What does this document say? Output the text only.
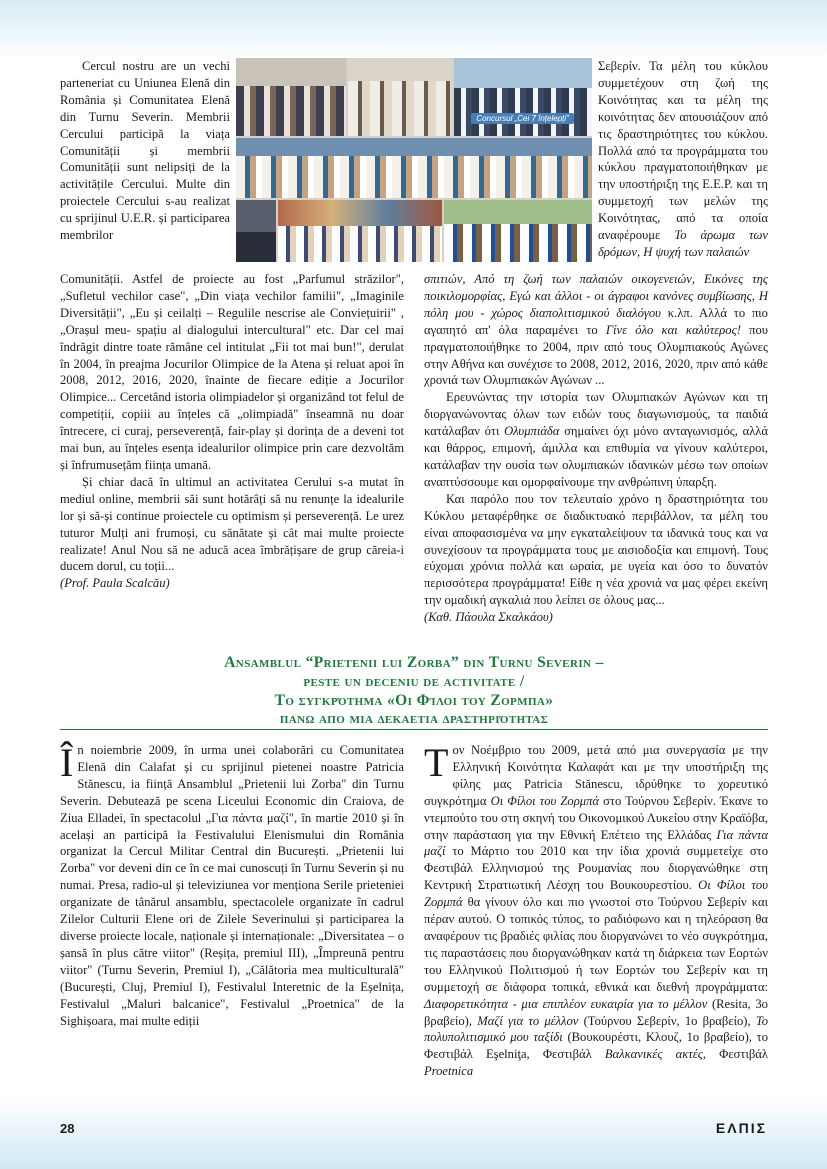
Cercul nostru are un vechi parteneriat cu Uniunea Elenă din România și Comunitatea Elenă din Turnu Severin. Membrii Cercului participă la viața Comunității și membrii Comunității sunt nelipsiți de la activitățile Cercului. Multe din proiectele Cercului s-au realizat cu sprijinul U.E.R. și participarea membrilor

Comunității. Astfel de proiecte au fost „Parfumul străzilor", „Sufletul vechilor case", „Din viața vechilor familii", „Imaginile Diversității", „Eu și ceilalți – Regulile nescrise ale Conviețuirii" , „Orașul meu- spațiu al dialogului intercultural" etc. Dar cel mai îndrăgit dintre toate rămâne cel intitulat „Fii tot mai bun!", derulat în 2004, în preajma Jocurilor Olimpice de la Atena și reluat apoi în 2008, 2012, 2016, 2020, înainte de fiecare ediție a Jocurilor Olimpice... Cercetând istoria olimpiadelor și organizând tot felul de competiții, copiii au înțeles că „olimpiadă" înseamnă nu doar întrecere, ci curaj, perseverență, fair-play și dorința de a deveni tot mai bun, au înțeles esența idealurilor olimpice prin care dezvoltăm și înfrumusețăm ființa umană.

Și chiar dacă în ultimul an activitatea Cerului s-a mutat în mediul online, membrii săi sunt hotărâți să nu renunțe la idealurile lor și să-și continue proiectele cu optimism și perseverență. Le urez tuturor Mulți ani frumoși, cu sănătate și cât mai multe proiecte realizate! Anul Nou să ne aducă acea îmbrățișare de grup căreia-i ducem dorul, cu toții...

(Prof. Paula Scalcău)

Concursul „Cei 7 înțelepți"

Σεβερίν. Τα μέλη του κύκλου συμμετέχουν στη ζωή της Κοινότητας και τα μέλη της κοινότητας δεν απουσιάζουν από τις δραστηριότητες του κύκλου. Πολλά από τα προγράμματα του κύκλου πραγματοποιήθηκαν με την υποστήριξη της Ε.Ε.Ρ. και τη συμμετοχή των μελών της Κοινότητας, από τα οποία αναφέρουμε Το άρωμα των δρόμων, Η ψυχή των παλαιών

σπιτιών, Από τη ζωή των παλαιών οικογενειών, Εικόνες της ποικιλομορφίας, Εγώ και άλλοι - οι άγραφοι κανόνες συμβίωσης, Η πόλη μου - χώρος διαπολιτισμικού διαλόγου κ.λπ. Αλλά το πιο αγαπητό απ' όλα παραμένει το Γίνε όλο και καλύτερος! που πραγματοποιήθηκε το 2004, πριν από τους Ολυμπιακούς Αγώνες στην Αθήνα και συνέχισε το 2008, 2012, 2016, 2020, πριν από κάθε χρονιά των Ολυμπιακών Αγώνων ...

Ερευνώντας την ιστορία των Ολυμπιακών Αγώνων και τη διοργανώνοντας όλων των ειδών τους διαγωνισμούς, τα παιδιά κατάλαβαν ότι Ολυμπιάδα σημαίνει όχι μόνο ανταγωνισμός, αλλά και θάρρος, επιμονή, άμιλλα και επιθυμία να γίνουν καλύτεροι, κατάλαβαν την ουσία των ολυμπιακών ιδανικών μέσω των οποίων αναπτύσσουμε και ομορφαίνουμε την ανθρώπινη ύπαρξη.

Και παρόλο που τον τελευταίο χρόνο η δραστηριότητα του Κύκλου μεταφέρθηκε σε διαδικτυακό περιβάλλον, τα μέλη του είναι αποφασισμένα να μην εγκαταλείψουν τα ιδανικά τους και να συνεχίσουν τα προγράμματα τους με αισιοδοξία και επιμονή. Τους εύχομαι χρόνια πολλά και ωραία, με υγεία και όσο το δυνατόν περισσότερα προγράμματα! Είθε η νέα χρονιά να μας φέρει εκείνη την ομαδική αγκαλιά που λείπει σε όλους μας...

(Καθ. Πάουλα Σκαλκάου)

Ansamblul “Prietenii lui Zorba” din Turnu Severin –
peste un deceniu de activitate /
Το συγκρότημα «Οι Φίλοι του Ζορμπα»
πανω απο μια δεκαετια δραστηριότητας
În noiembrie 2009, în urma unei colaborări cu Comunitatea Elenă din Calafat și cu sprijinul pietenei noastre Patricia Stănescu, ia ființă Ansamblul „Prietenii lui Zorba" din Turnu Severin. Debutează pe scena Liceului Economic din Craiova, de Ziua Elladei, în spectacolul „Για πάντα μαζί", în martie 2010 și în același an participă la Festivalului Elenismului din România organizat la Cercul Militar Central din București. „Prietenii lui Zorba" vor deveni din ce în ce mai cunoscuți în Turnu Severin și nu numai. Presa, radio-ul și televiziunea vor menționa Serile prieteniei organizate de tânărul ansamblu, spectacolele organizate în cadrul Zilelor Culturii Elene ori de Zilele Severinului și participarea la diverse proiecte locale, naționale și internaționale: „Diversitatea – o șansă în plus către viitor" (Reșița, premiul III), „Împreună pentru viitor" (Turnu Severin, Premiul I), „Călătoria mea multiculturală" (București, Cluj, Premiul I), Festivalul Interetnic de la Eșelnița, Festivalul „Maluri balcanice", Festivalul „Proetnica" de la Sighișoara, mai multe ediții
Τον Νοέμβριο του 2009, μετά από μια συνεργασία με την Ελληνική Κοινότητα Καλαφάτ και με την υποστήριξη της φίλης μας Patricia Stănescu, ιδρύθηκε το χορευτικό συγκρότημα Οι Φίλοι του Ζορμπά στο Τούρνου Σεβερίν. Έκανε το ντεμπούτο του στη σκηνή του Οικονομικού Λυκείου στην Κραϊόβα, στην παράσταση για την Εθνική Επέτειο της Ελλάδας Για πάντα μαζί το Μάρτιο του 2010 και την ίδια χρονιά συμμετείχε στο Φεστιβάλ Ελληνισμού της Ρουμανίας που διοργανώθηκε στη Κεντρική Στρατιωτική Λέσχη του Βουκουρεστίου. Οι Φίλοι του Ζορμπά θα γίνουν όλο και πιο γνωστοί στο Τούρνου Σεβερίν και πέραν αυτού. Ο τοπικός τύπος, το ραδιόφωνο και η τηλεόραση θα αναφέρουν τις βραδιές φιλίας που διοργανώνει το νέο συγκρότημα, τις παραστάσεις που διοργανώθηκαν κατά τη διάρκεια των Εορτών του Ελληνικού Πολιτισμού ή των Εορτών του Σεβερίν και τη συμμετοχή σε διάφορα τοπικά, εθνικά και διεθνή προγράμματα: Διαφορετικότητα - μια επιπλέον ευκαιρία για το μέλλον (Resita, 3o βραβείο), Μαζί για το μέλλον (Τούρνου Σεβερίν, 1o βραβείο), Το πολυπολιτισμικό μου ταξίδι (Βουκουρέστι, Κλουζ, 1o βραβείο), το Φεστιβάλ Eşelniţa, Φεστιβάλ Βαλκανικές ακτές, Φεστιβάλ Proetnica
28	ΕΛΠΙΣ
